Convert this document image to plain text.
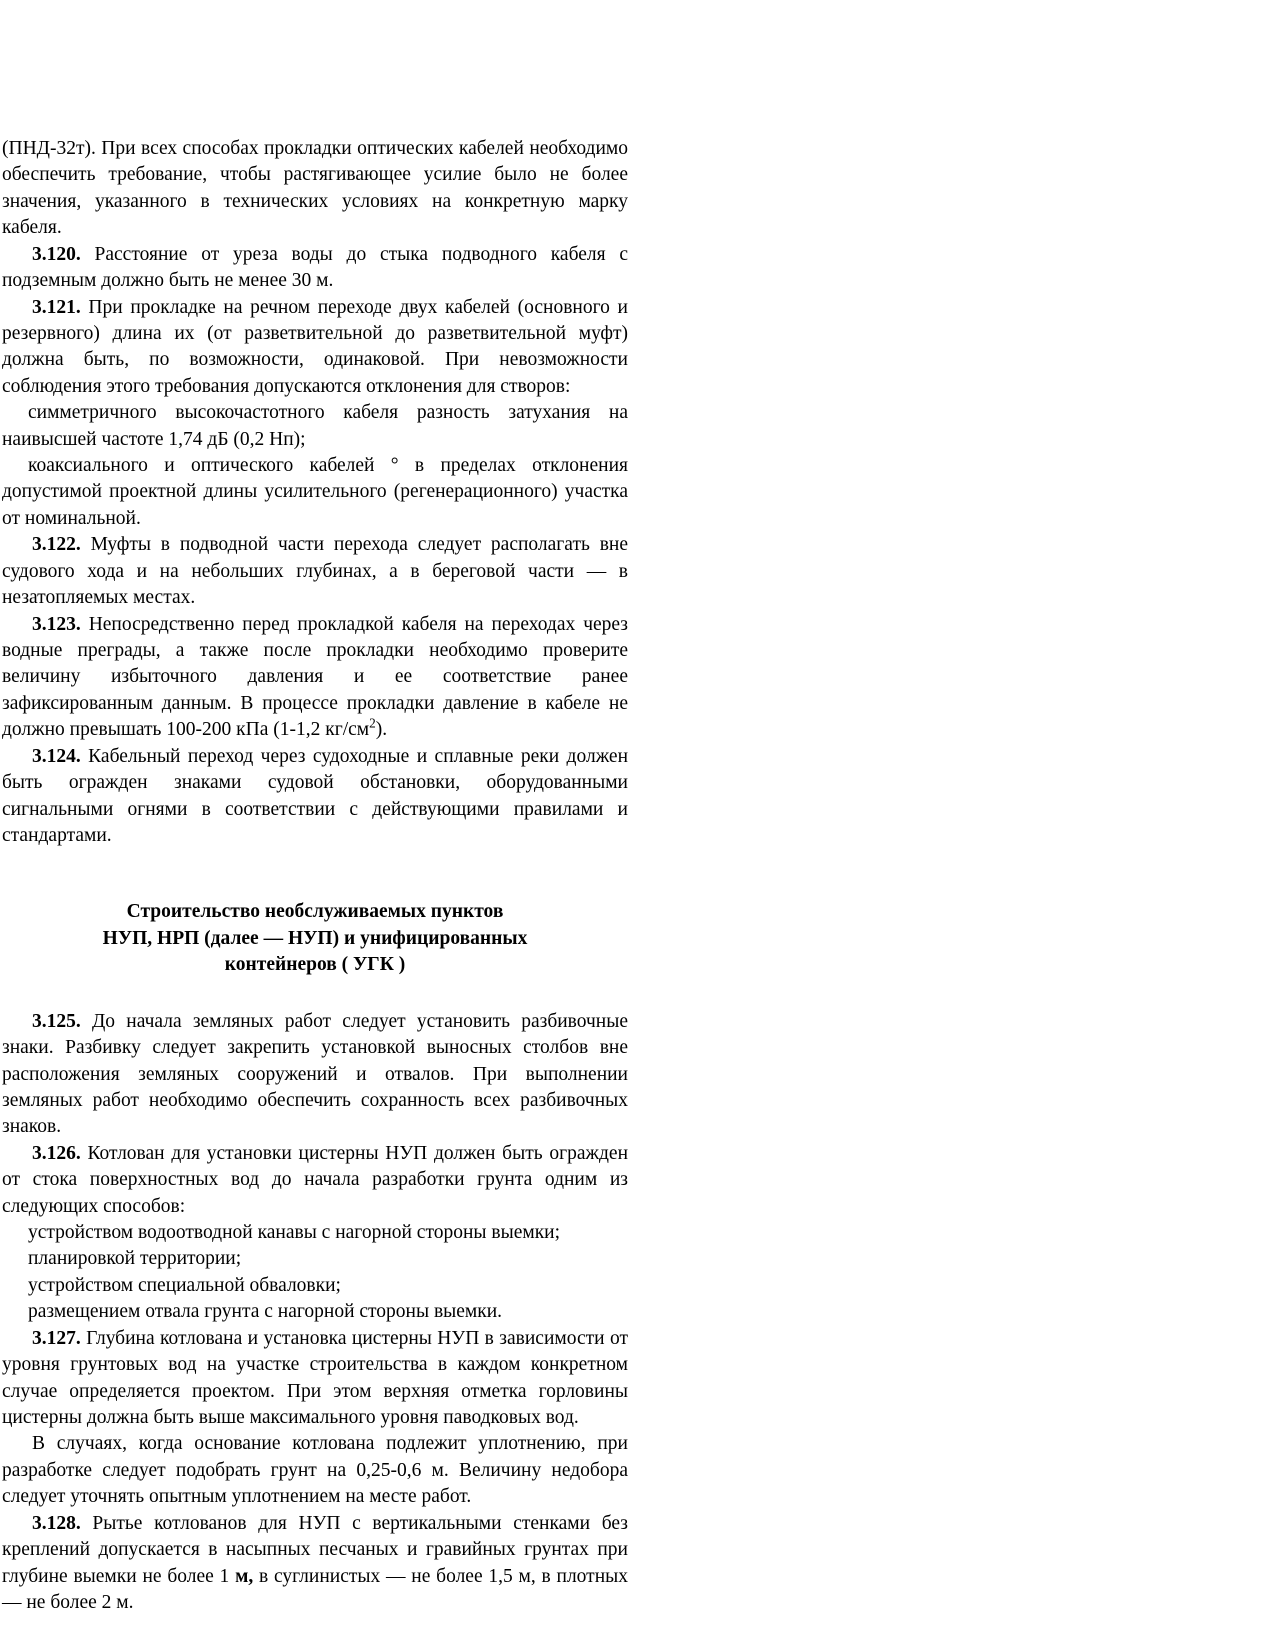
(ПНД-32т). При всех способах прокладки оптических кабелей необходимо обеспечить требование, чтобы растягивающее усилие было не более значения, указанного в технических условиях на конкретную марку кабеля.

3.120. Расстояние от уреза воды до стыка подводного кабеля с подземным должно быть не менее 30 м.

3.121. При прокладке на речном переходе двух кабелей (основного и резервного) длина их (от разветвительной до разветвительной муфт) должна быть, по возможности, одинаковой. При невозможности соблюдения этого требования допускаются отклонения для створов:

симметричного высокочастотного кабеля разность затухания на наивысшей частоте 1,74 дБ (0,2 Нп);

коаксиального и оптического кабелей ° в пределах отклонения допустимой проектной длины усилительного (регенерационного) участка от номинальной.

3.122. Муфты в подводной части перехода следует располагать вне судового хода и на небольших глубинах, а в береговой части — в незатопляемых местах.

3.123. Непосредственно перед прокладкой кабеля на переходах через водные преграды, а также после прокладки необходимо проверите величину избыточного давления и ее соответствие ранее зафиксированным данным. В процессе прокладки давление в кабеле не должно превышать 100-200 кПа (1-1,2 $кг/см^2$).

3.124. Кабельный переход через судоходные и сплавные реки должен быть огражден знаками судовой обстановки, оборудованными сигнальными огнями в соответствии с действующими правилами и стандартами.

Строительство необслуживаемых пунктов

НУП, НРП (далее — НУП) и унифицированных

контейнеров ( УГК )

3.125. До начала земляных работ следует установить разбивочные знаки. Разбивку следует закрепить установкой выносных столбов вне расположения земляных сооружений и отвалов. При выполнении земляных работ необходимо обеспечить сохранность всех разбивочных знаков.

3.126. Котлован для установки цистерны НУП должен быть огражден от стока поверхностных вод до начала разработки грунта одним из следующих способов:

устройством водоотводной канавы с нагорной стороны выемки;

планировкой территории;

устройством специальной обваловки;

размещением отвала грунта с нагорной стороны выемки.

3.127. Глубина котлована и установка цистерны НУП в зависимости от уровня грунтовых вод на участке строительства в каждом конкретном случае определяется проектом. При этом верхняя отметка горловины цистерны должна быть выше максимального уровня паводковых вод.

В случаях, когда основание котлована подлежит уплотнению, при разработке следует подобрать грунт на 0,25-0,6 м. Величину недобора следует уточнять опытным уплотнением на месте работ.

3.128. Рытье котлованов для НУП с вертикальными стенками без креплений допускается в насыпных песчаных и гравийных грунтах при глубине выемки не более 1 м, в суглинистых — не более 1,5 м, в плотных — не более 2 м.
